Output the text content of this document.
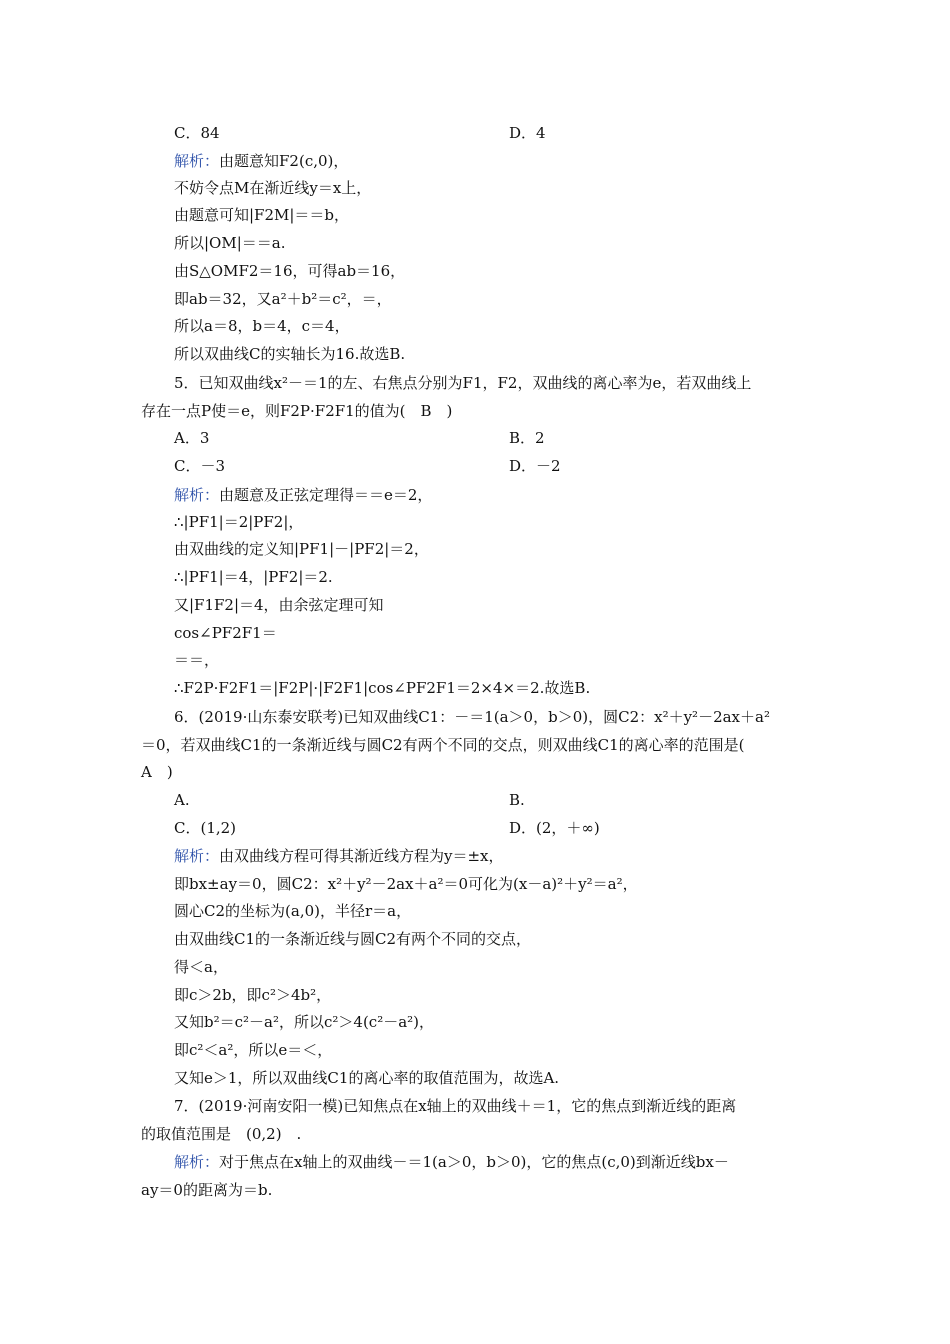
C．84	D．4
解析：由题意知F2(c,0)，
不妨令点M在渐近线y＝x上，
由题意可知|F2M|＝＝b，
所以|OM|＝＝a.
由S△OMF2＝16，可得ab＝16，
即ab＝32，又a²＋b²＝c²，＝，
所以a＝8，b＝4，c＝4，
所以双曲线C的实轴长为16.故选B.
5．已知双曲线x²－＝1的左、右焦点分别为F1，F2，双曲线的离心率为e，若双曲线上
存在一点P使＝e，则F2P·F2F1的值为(　B　)
A．3	B．2
C．－3	D．－2
解析：由题意及正弦定理得＝＝e＝2，
∴|PF1|＝2|PF2|，
由双曲线的定义知|PF1|－|PF2|＝2，
∴|PF1|＝4，|PF2|＝2.
又|F1F2|＝4，由余弦定理可知
cos∠PF2F1＝
＝＝，
∴F2P·F2F1＝|F2P|·|F2F1|cos∠PF2F1＝2×4×＝2.故选B.
6．(2019·山东泰安联考)已知双曲线C1：－＝1(a＞0，b＞0)，圆C2：x²＋y²－2ax＋a²
＝0，若双曲线C1的一条渐近线与圆C2有两个不同的交点，则双曲线C1的离心率的范围是(
A　)
A.	B.
C．(1,2)	D．(2，＋∞)
解析：由双曲线方程可得其渐近线方程为y＝±x，
即bx±ay＝0，圆C2：x²＋y²－2ax＋a²＝0可化为(x－a)²＋y²＝a²，
圆心C2的坐标为(a,0)，半径r＝a，
由双曲线C1的一条渐近线与圆C2有两个不同的交点，
得＜a，
即c＞2b，即c²＞4b²，
又知b²＝c²－a²，所以c²＞4(c²－a²)，
即c²＜a²，所以e＝＜，
又知e＞1，所以双曲线C1的离心率的取值范围为，故选A.
7．(2019·河南安阳一模)已知焦点在x轴上的双曲线＋＝1，它的焦点到渐近线的距离
的取值范围是　(0,2)　.
解析：对于焦点在x轴上的双曲线－＝1(a＞0，b＞0)，它的焦点(c,0)到渐近线bx－
ay＝0的距离为＝b.
